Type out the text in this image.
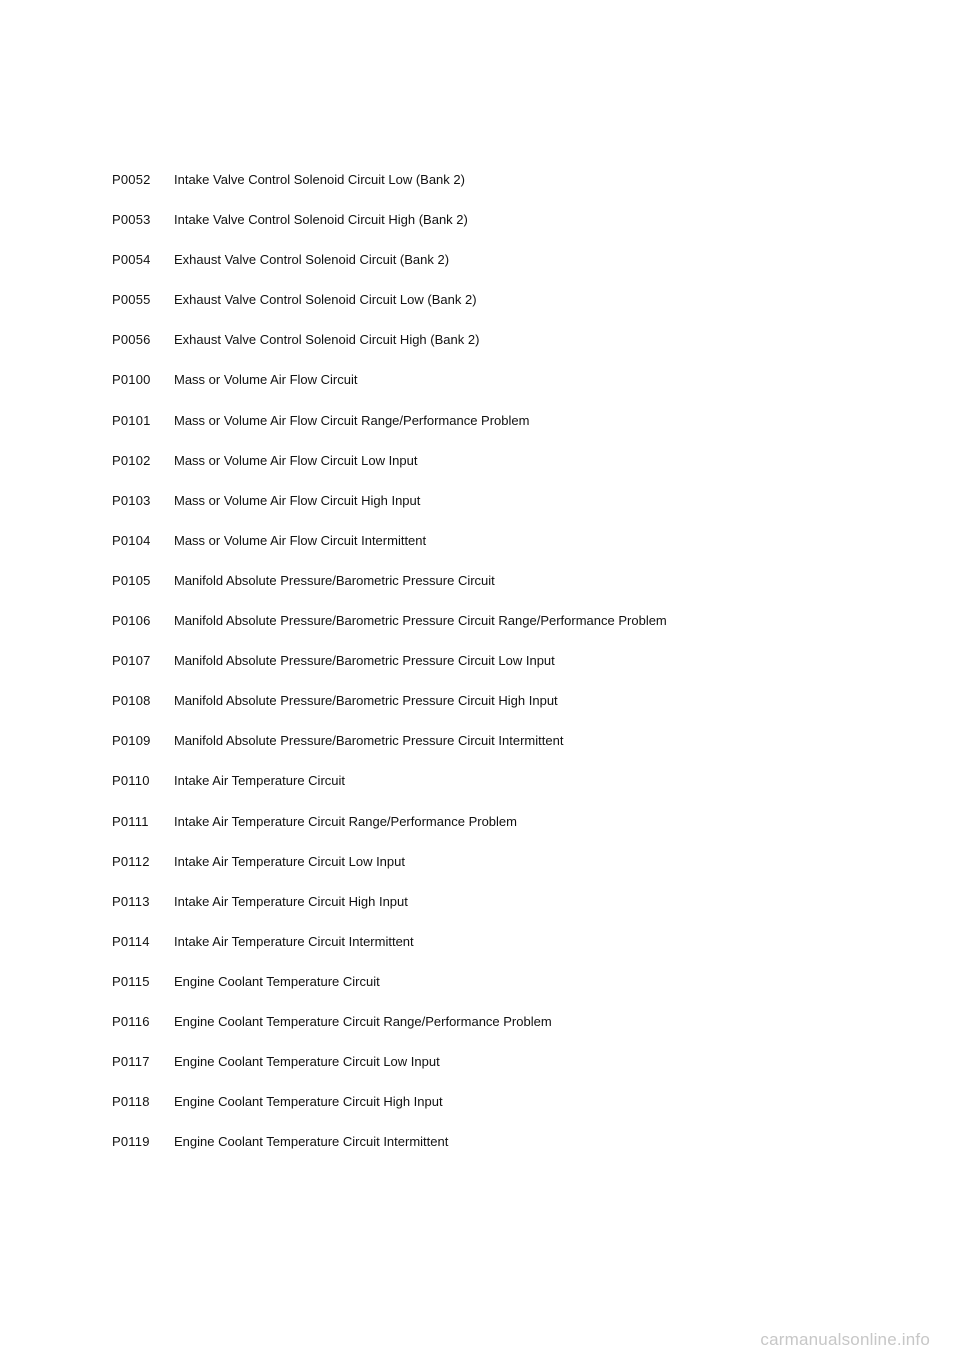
P0052	Intake Valve Control Solenoid Circuit Low (Bank 2)
P0053	Intake Valve Control Solenoid Circuit High (Bank 2)
P0054	Exhaust Valve Control Solenoid Circuit (Bank 2)
P0055	Exhaust Valve Control Solenoid Circuit Low (Bank 2)
P0056	Exhaust Valve Control Solenoid Circuit High (Bank 2)
P0100	Mass or Volume Air Flow Circuit
P0101	Mass or Volume Air Flow Circuit Range/Performance Problem
P0102	Mass or Volume Air Flow Circuit Low Input
P0103	Mass or Volume Air Flow Circuit High Input
P0104	Mass or Volume Air Flow Circuit Intermittent
P0105	Manifold Absolute Pressure/Barometric Pressure Circuit
P0106	Manifold Absolute Pressure/Barometric Pressure Circuit Range/Performance Problem
P0107	Manifold Absolute Pressure/Barometric Pressure Circuit Low Input
P0108	Manifold Absolute Pressure/Barometric Pressure Circuit High Input
P0109	Manifold Absolute Pressure/Barometric Pressure Circuit Intermittent
P0110	Intake Air Temperature Circuit
P0111	Intake Air Temperature Circuit Range/Performance Problem
P0112	Intake Air Temperature Circuit Low Input
P0113	Intake Air Temperature Circuit High Input
P0114	Intake Air Temperature Circuit Intermittent
P0115	Engine Coolant Temperature Circuit
P0116	Engine Coolant Temperature Circuit Range/Performance Problem
P0117	Engine Coolant Temperature Circuit Low Input
P0118	Engine Coolant Temperature Circuit High Input
P0119	Engine Coolant Temperature Circuit Intermittent
carmanualsonline.info
